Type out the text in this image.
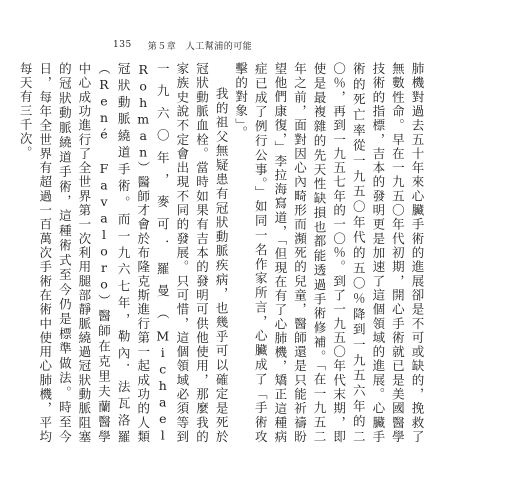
135 第５章　人工幫浦的可能

肺機對過去五十年來心臟手術的進展卻是不可或缺的，挽救了無數性命。早在一九五〇年代初期，開心手術就已是美國醫學技術的指標，吉本的發明更是加速了這個領域的進展。心臟手術的死亡率從一九五〇年代的五〇％降到一九五六年的二〇％，再到一九五七年的一〇％。到了一九五〇年代末期，即使是最複雜的先天性缺損也都能透過手術修補。「在一九五二年之前，面對因心內畸形而瀕死的兒童，醫師還是只能祈禱盼望他們康復，」李拉海寫道，「但現在有了心肺機，矯正這種病症已成了例行公事。」如同一名作家所言，心臟成了「手術攻擊的對象」。

我的祖父無疑患有冠狀動脈疾病，也幾乎可以確定是死於冠狀動脈血栓。當時如果有吉本的發明可供他使用，那麼我的家族史說不定會出現不同的發展。只可惜，這個領域必須等到一九六〇年，麥可．羅曼（Michael Rohman）醫師才會於布隆克斯進行第一起成功的人類冠狀動脈繞道手術。而一九六七年，勒內．法瓦洛羅（René Favaloro）醫師在克里夫蘭醫學中心成功進行了全世界第一次利用腿部靜脈繞過冠狀動脈阻塞的冠狀動脈繞道手術，這種術式至今仍是標準做法。時至今日，每年全世界有超過一百萬次手術在術中使用心肺機，平均每天有三千次。
